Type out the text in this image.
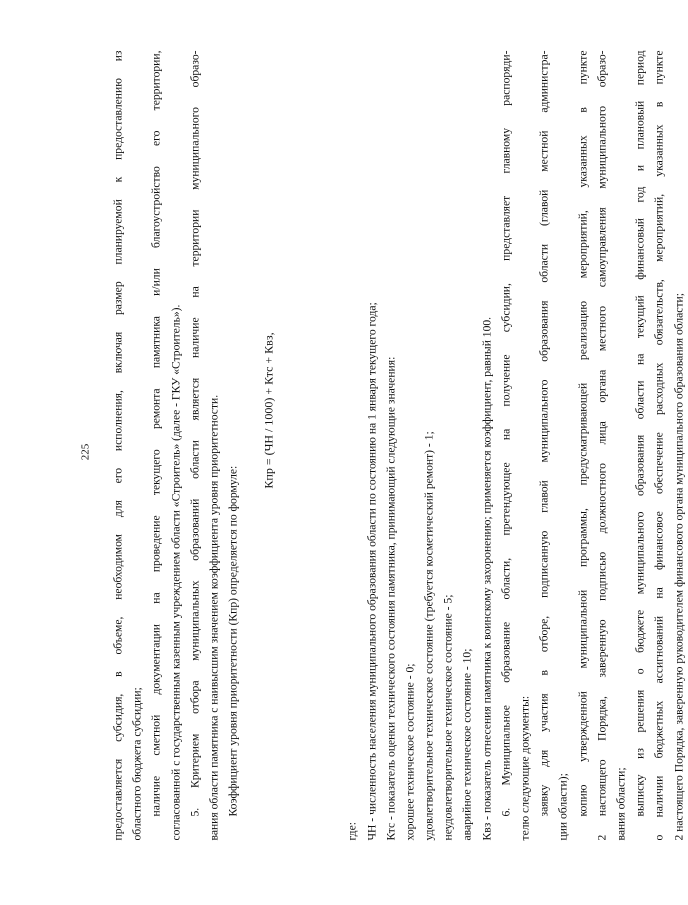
225	предоставляется субсидия, в объеме, необходимом для его исполнения, включая размер планируемой к предоставлению из областного бюджета субсидии; наличие сметной документации на проведение текущего ремонта памятника и/или благоустройство его территории, согласованной с государственным казенным учреждением области «Строитель» (далее - ГКУ «Строитель»). 5. Критерием отбора муниципальных образований области является наличие на территории муниципального образо- вания области памятника с наивысшим значением коэффициента уровня приоритетности. Коэффициент уровня приоритетности (Кпр) определяется по формуле:
Кпр = (ЧН / 1000) + Ктс + Квз,
где: ЧН - численность населения муниципального образования области по состоянию на 1 января текущего года; Ктс - показатель оценки технического состояния памятника, принимающий следующие значения: хорошее техническое состояние - 0; удовлетворительное техническое состояние (требуется косметический ремонт) - 1; неудовлетворительное техническое состояние - 5; аварийное техническое состояние - 10; Квз - показатель отнесения памятника к воинскому захоронению; применяется коэффициент, равный 100. 6. Муниципальное образование области, претендующее на получение субсидии, представляет главному распоряди- телю следующие документы: заявку для участия в отборе, подписанную главой муниципального образования области (главой местной администра- ции области); копию утвержденной муниципальной программы, предусматривающей реализацию мероприятий, указанных в пункте 2 настоящего Порядка, заверенную подписью должностного лица органа местного самоуправления муниципального образо- вания области; выписку из решения о бюджете муниципального образования области на текущий финансовый год и плановый период о наличии бюджетных ассигнований на финансовое обеспечение расходных обязательств, мероприятий, указанных в пункте 2 настоящего Порядка, заверенную руководителем финансового органа муниципального образования области;
